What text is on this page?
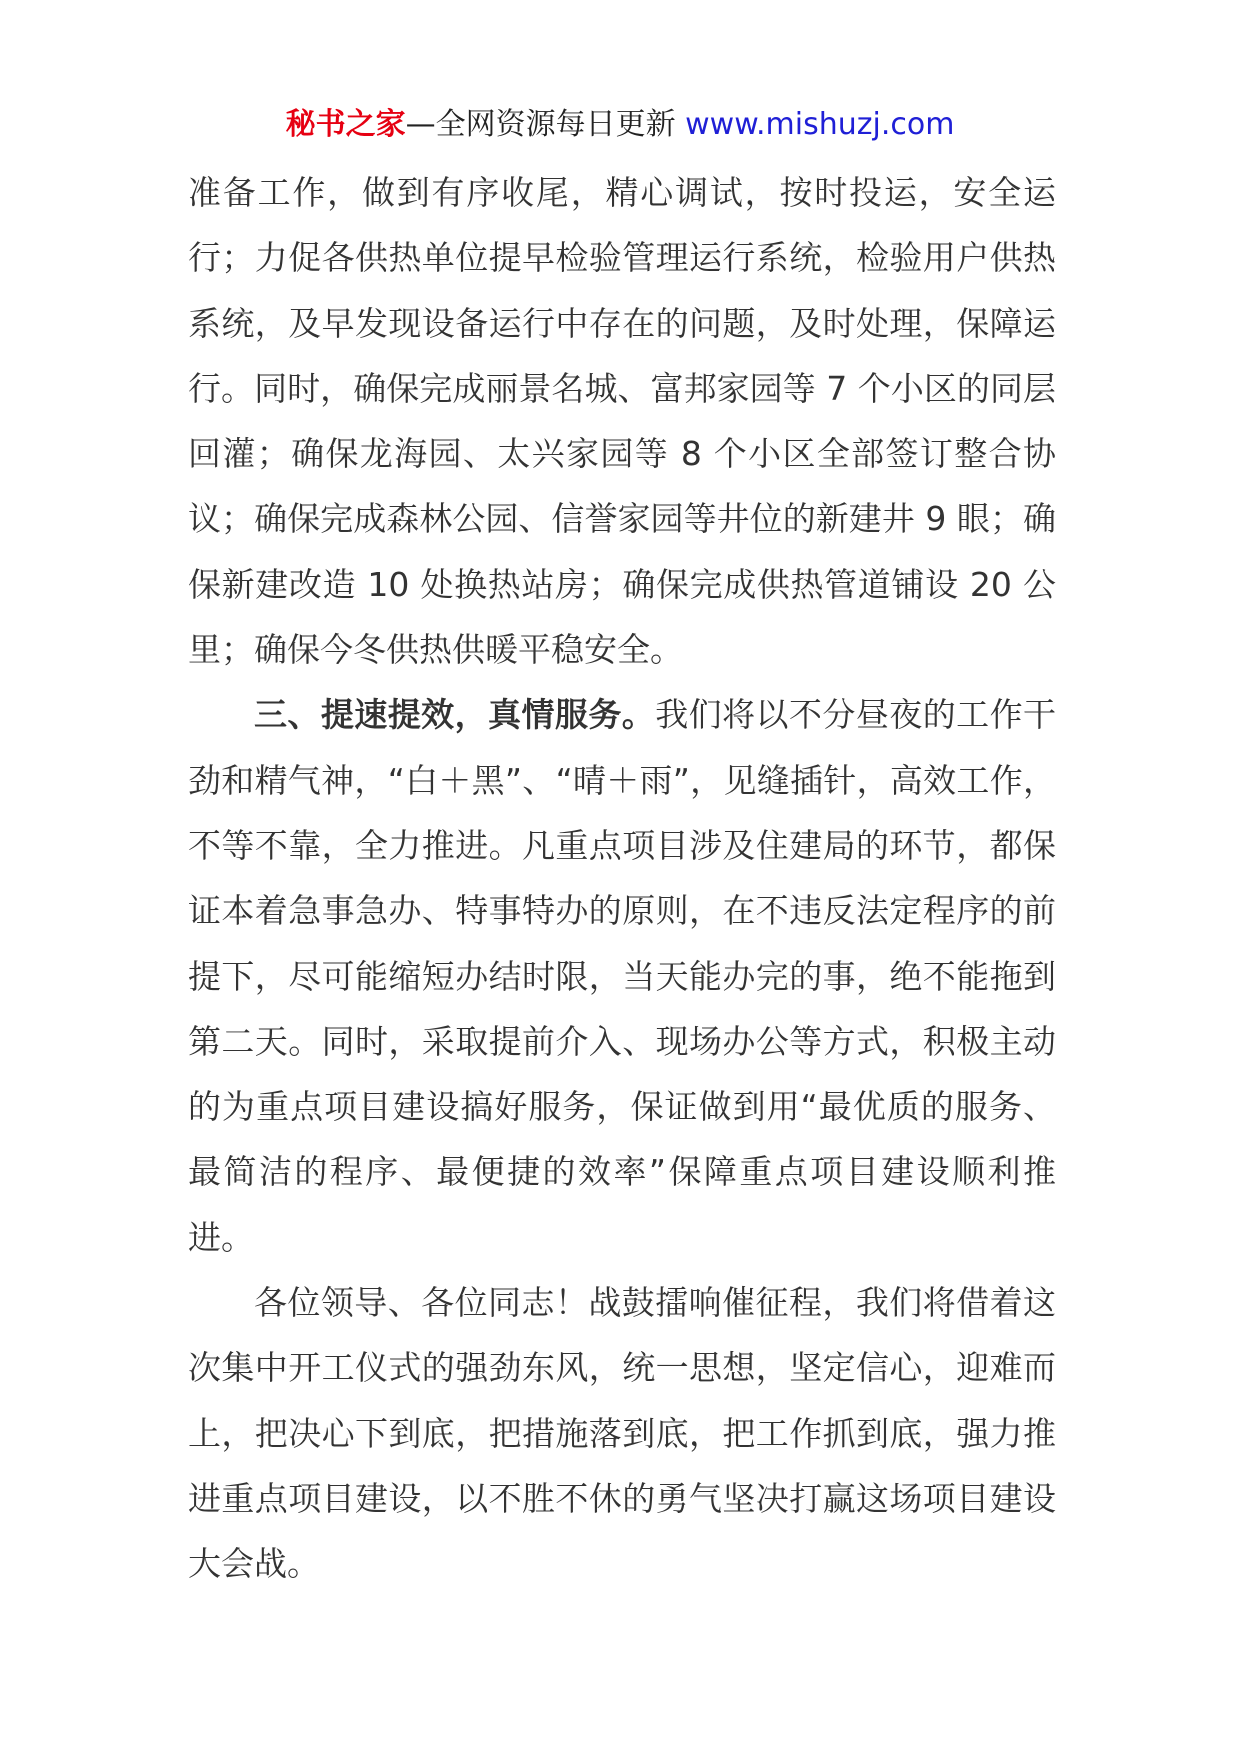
秘书之家—全网资源每日更新 www.mishuzj.com

准备工作，做到有序收尾，精心调试，按时投运，安全运行；力促各供热单位提早检验管理运行系统，检验用户供热系统，及早发现设备运行中存在的问题，及时处理，保障运行。同时，确保完成丽景名城、富邦家园等 7 个小区的同层回灌；确保龙海园、太兴家园等 8 个小区全部签订整合协议；确保完成森林公园、信誉家园等井位的新建井 9 眼；确保新建改造 10 处换热站房；确保完成供热管道铺设 20 公里；确保今冬供热供暖平稳安全。

三、提速提效，真情服务。我们将以不分昼夜的工作干劲和精气神，“白＋黑”、“晴＋雨”，见缝插针，高效工作，不等不靠，全力推进。凡重点项目涉及住建局的环节，都保证本着急事急办、特事特办的原则，在不违反法定程序的前提下，尽可能缩短办结时限，当天能办完的事，绝不能拖到第二天。同时，采取提前介入、现场办公等方式，积极主动的为重点项目建设搞好服务，保证做到用“最优质的服务、最简洁的程序、最便捷的效率”保障重点项目建设顺利推进。

各位领导、各位同志！战鼓擂响催征程，我们将借着这次集中开工仪式的强劲东风，统一思想，坚定信心，迎难而上，把决心下到底，把措施落到底，把工作抓到底，强力推进重点项目建设，以不胜不休的勇气坚决打赢这场项目建设大会战。
